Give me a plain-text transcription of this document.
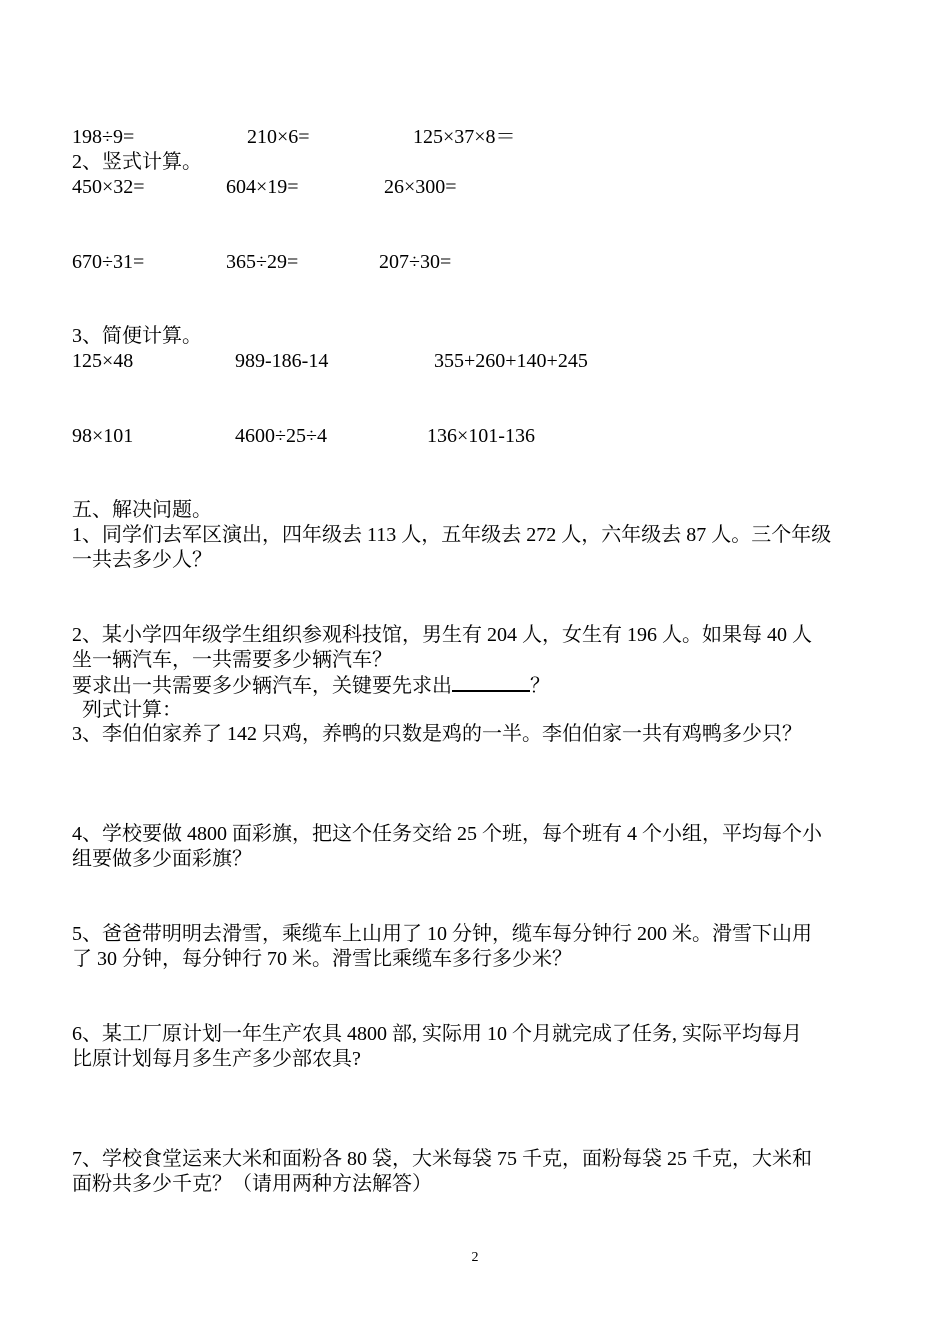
198÷9=	210×6=	125×37×8＝
2、竖式计算。
450×32=	604×19=	26×300=
670÷31=	365÷29=	207÷30=
3、简便计算。
125×48	989-186-14	355+260+140+245
98×101	4600÷25÷4	136×101-136
五、解决问题。
1、同学们去军区演出，四年级去 113 人，五年级去 272 人，六年级去 87 人。三个年级
一共去多少人？
2、某小学四年级学生组织参观科技馆，男生有 204 人，女生有 196 人。如果每 40 人
坐一辆汽车，一共需要多少辆汽车？
要求出一共需要多少辆汽车，关键要先求出	？
列式计算：
3、李伯伯家养了 142 只鸡，养鸭的只数是鸡的一半。李伯伯家一共有鸡鸭多少只？
4、学校要做 4800 面彩旗，把这个任务交给 25 个班，每个班有 4 个小组，平均每个小
组要做多少面彩旗？
5、爸爸带明明去滑雪，乘缆车上山用了 10 分钟，缆车每分钟行 200 米。滑雪下山用
了 30 分钟，每分钟行 70 米。滑雪比乘缆车多行多少米？
6、某工厂原计划一年生产农具 4800 部, 实际用 10 个月就完成了任务, 实际平均每月
比原计划每月多生产多少部农具?
7、学校食堂运来大米和面粉各 80 袋，大米每袋 75 千克，面粉每袋 25 千克，大米和
面粉共多少千克？（请用两种方法解答）
2
